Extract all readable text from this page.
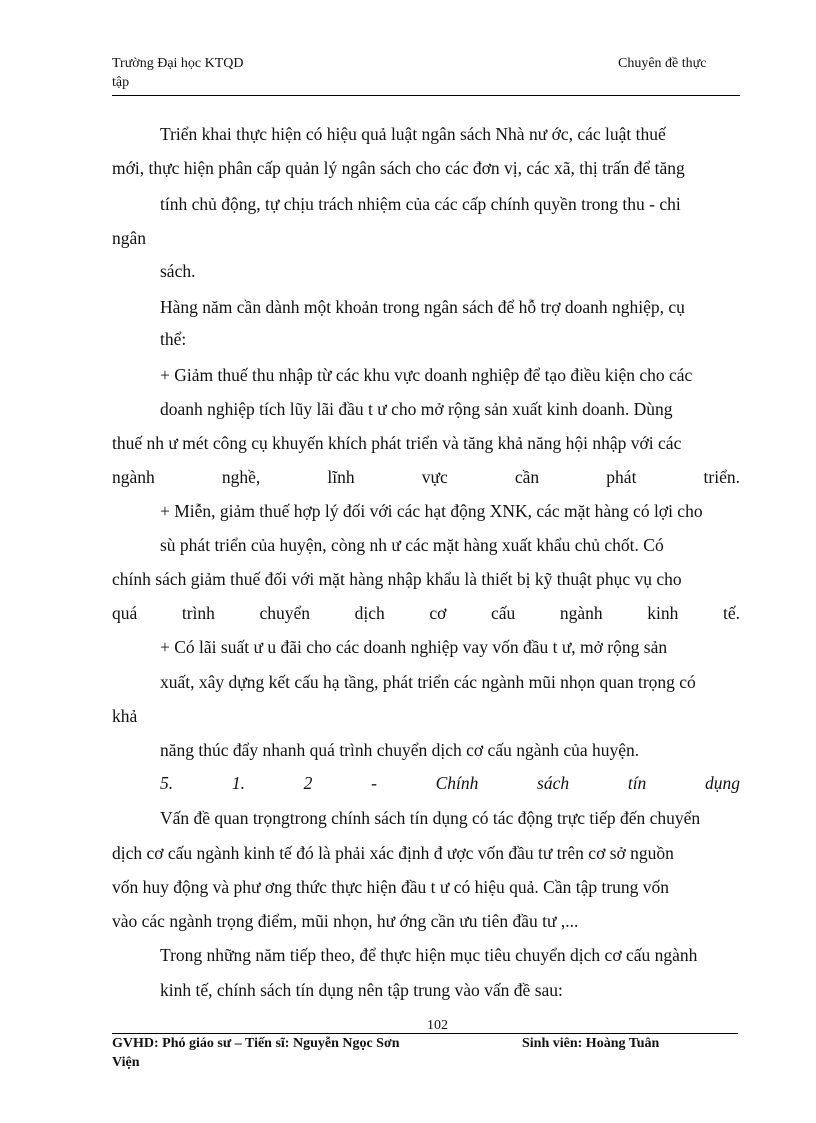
Trường Đại học KTQD	Chuyên đề thực
tập
Triển khai thực hiện có hiệu quả luật ngân sách Nhà nư ớc, các luật thuế
mới, thực hiện phân cấp quản lý ngân sách cho các đơn vị, các xã, thị trấn để tăng
tính chủ động, tự chịu trách nhiệm của các cấp chính quyền trong thu - chi
ngân
sách.
Hàng năm cần dành một khoản trong ngân sách để hỗ trợ doanh nghiệp, cụ
thể:
+ Giảm thuế thu nhập từ các khu vực doanh nghiệp để tạo điều kiện cho các
doanh nghiệp tích lũy lãi đầu t ư cho mở rộng sản xuất kinh doanh. Dùng
thuế nh ư mét công cụ khuyến khích phát triển và tăng khả năng hội nhập với các
ngành nghề, lĩnh vực cần phát triển.
+ Miễn, giảm thuế hợp lý đối với các hạt động XNK, các mặt hàng có lợi cho
sù phát triển của huyện, còng nh ư các mặt hàng xuất khẩu chủ chốt. Có
chính sách giảm thuế đối với mặt hàng nhập khẩu là thiết bị kỹ thuật phục vụ cho
quá trình chuyển dịch cơ cấu ngành kinh tế.
+ Có lãi suất ư u đãi cho các doanh nghiệp vay vốn đầu t ư, mở rộng sản
xuất, xây dựng kết cấu hạ tầng, phát triển các ngành mũi nhọn quan trọng có
khả
năng thúc đẩy nhanh quá trình chuyển dịch cơ cấu ngành của huyện.
5. 1. 2 - Chính sách tín dụng
Vấn đề quan trọngtrong chính sách tín dụng có tác động trực tiếp đến chuyển
dịch cơ cấu ngành kinh tế đó là phải xác định đ ược vốn đầu tư trên cơ sở nguồn
vốn huy động và phư ơng thức thực hiện đầu t ư có hiệu quả. Cần tập trung vốn
vào các ngành trọng điểm, mũi nhọn, hư ớng cần ưu tiên đầu tư ,...
Trong những năm tiếp theo, để thực hiện mục tiêu chuyển dịch cơ cấu ngành
kinh tế, chính sách tín dụng nên tập trung vào vấn đề sau:
102
GVHD: Phó giáo sư – Tiến sĩ: Nguyễn Ngọc Sơn	Sinh viên: Hoàng Tuân
Viện
